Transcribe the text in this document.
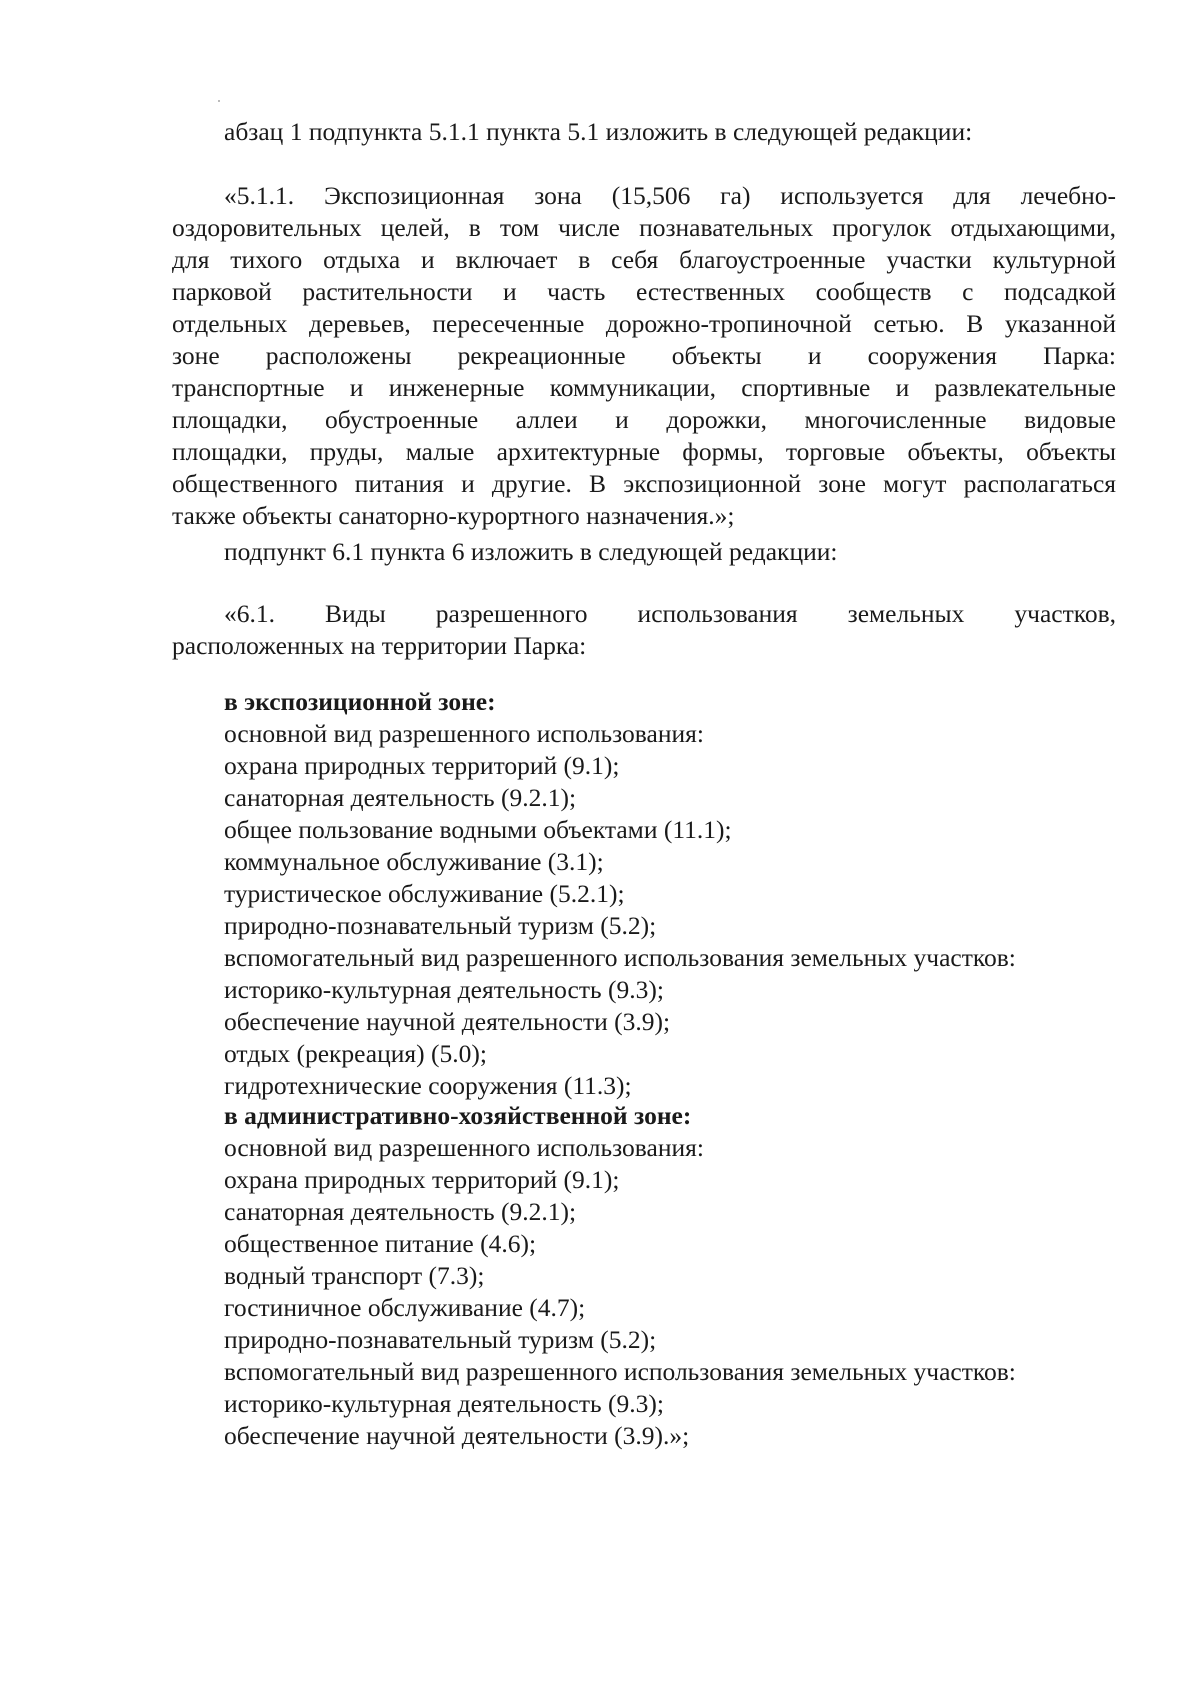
абзац 1 подпункта 5.1.1 пункта 5.1 изложить в следующей редакции:
«5.1.1. Экспозиционная зона (15,506 га) используется для лечебно-
оздоровительных целей, в том числе познавательных прогулок отдыхающими,
для тихого отдыха и включает в себя благоустроенные участки культурной
парковой растительности и часть естественных сообществ с подсадкой
отдельных деревьев, пересеченные дорожно-тропиночной сетью. В указанной
зоне расположены рекреационные объекты и сооружения Парка:
транспортные и инженерные коммуникации, спортивные и развлекательные
площадки, обустроенные аллеи и дорожки, многочисленные видовые
площадки, пруды, малые архитектурные формы, торговые объекты, объекты
общественного питания и другие. В экспозиционной зоне могут располагаться
также объекты санаторно-курортного назначения.»;
подпункт 6.1 пункта 6 изложить в следующей редакции:
«6.1. Виды разрешенного использования земельных участков,
расположенных на территории Парка:
в экспозиционной зоне:
основной вид разрешенного использования:
охрана природных территорий (9.1);
санаторная деятельность (9.2.1);
общее пользование водными объектами (11.1);
коммунальное обслуживание (3.1);
туристическое обслуживание (5.2.1);
природно-познавательный туризм (5.2);
вспомогательный вид разрешенного использования земельных участков:
историко-культурная деятельность (9.3);
обеспечение научной деятельности (3.9);
отдых (рекреация) (5.0);
гидротехнические сооружения (11.3);
в административно-хозяйственной зоне:
основной вид разрешенного использования:
охрана природных территорий (9.1);
санаторная деятельность (9.2.1);
общественное питание (4.6);
водный транспорт (7.3);
гостиничное обслуживание (4.7);
природно-познавательный туризм (5.2);
вспомогательный вид разрешенного использования земельных участков:
историко-культурная деятельность (9.3);
обеспечение научной деятельности (3.9).»;
